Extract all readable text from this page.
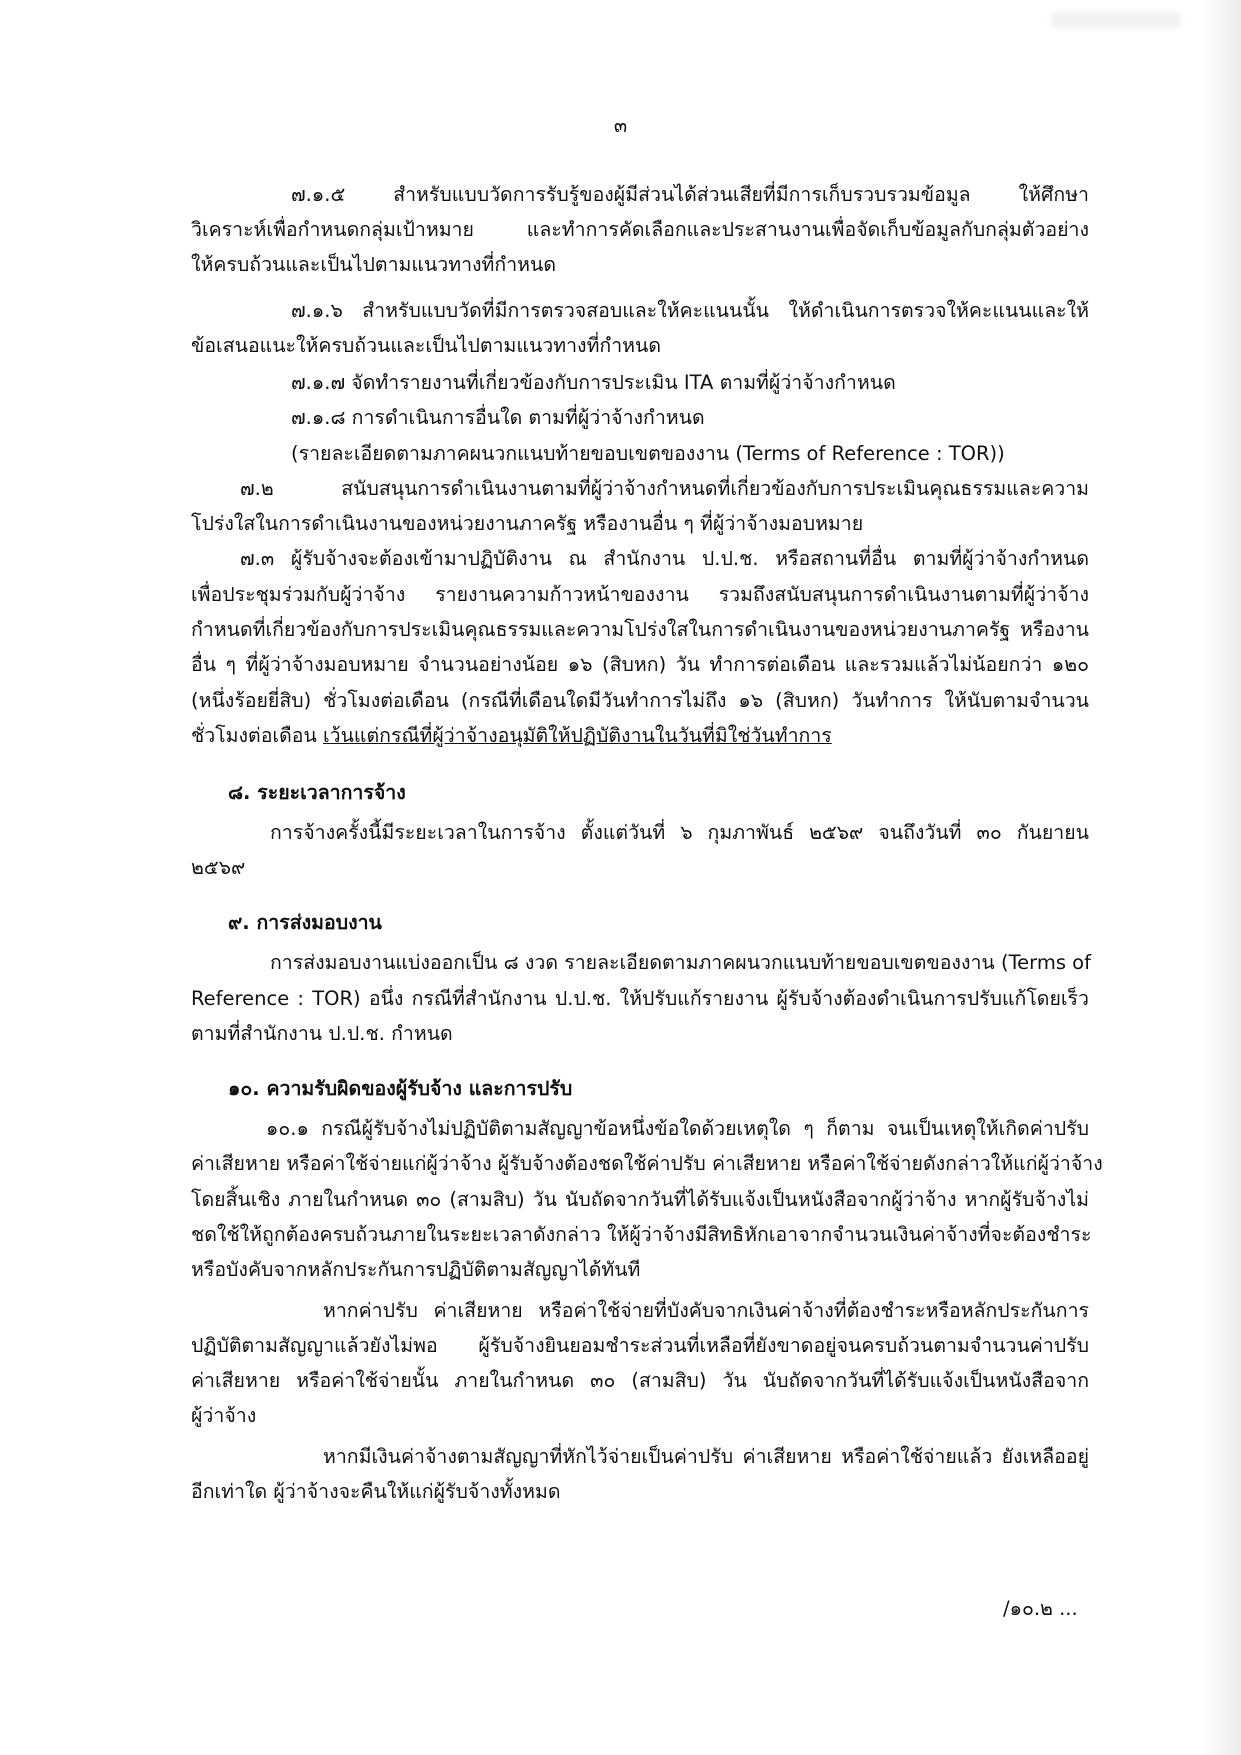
๓
๗.๑.๕ สำหรับแบบวัดการรับรู้ของผู้มีส่วนได้ส่วนเสียที่มีการเก็บรวบรวมข้อมูล ให้ศึกษา
วิเคราะห์เพื่อกำหนดกลุ่มเป้าหมาย และทำการคัดเลือกและประสานงานเพื่อจัดเก็บข้อมูลกับกลุ่มตัวอย่าง
ให้ครบถ้วนและเป็นไปตามแนวทางที่กำหนด
๗.๑.๖ สำหรับแบบวัดที่มีการตรวจสอบและให้คะแนนนั้น ให้ดำเนินการตรวจให้คะแนนและให้
ข้อเสนอแนะให้ครบถ้วนและเป็นไปตามแนวทางที่กำหนด
๗.๑.๗ จัดทำรายงานที่เกี่ยวข้องกับการประเมิน ITA ตามที่ผู้ว่าจ้างกำหนด
๗.๑.๘ การดำเนินการอื่นใด ตามที่ผู้ว่าจ้างกำหนด
(รายละเอียดตามภาคผนวกแนบท้ายขอบเขตของงาน (Terms of Reference : TOR))
๗.๒ สนับสนุนการดำเนินงานตามที่ผู้ว่าจ้างกำหนดที่เกี่ยวข้องกับการประเมินคุณธรรมและความ
โปร่งใสในการดำเนินงานของหน่วยงานภาครัฐ หรืองานอื่น ๆ ที่ผู้ว่าจ้างมอบหมาย
๗.๓ ผู้รับจ้างจะต้องเข้ามาปฏิบัติงาน ณ สำนักงาน ป.ป.ช. หรือสถานที่อื่น ตามที่ผู้ว่าจ้างกำหนด
เพื่อประชุมร่วมกับผู้ว่าจ้าง รายงานความก้าวหน้าของงาน รวมถึงสนับสนุนการดำเนินงานตามที่ผู้ว่าจ้าง
กำหนดที่เกี่ยวข้องกับการประเมินคุณธรรมและความโปร่งใสในการดำเนินงานของหน่วยงานภาครัฐ หรืองาน
อื่น ๆ ที่ผู้ว่าจ้างมอบหมาย จำนวนอย่างน้อย ๑๖ (สิบหก) วัน ทำการต่อเดือน และรวมแล้วไม่น้อยกว่า ๑๒๐
(หนึ่งร้อยยี่สิบ) ชั่วโมงต่อเดือน (กรณีที่เดือนใดมีวันทำการไม่ถึง ๑๖ (สิบหก) วันทำการ ให้นับตามจำนวน
ชั่วโมงต่อเดือน เว้นแต่กรณีที่ผู้ว่าจ้างอนุมัติให้ปฏิบัติงานในวันที่มิใช่วันทำการ
๘. ระยะเวลาการจ้าง
การจ้างครั้งนี้มีระยะเวลาในการจ้าง ตั้งแต่วันที่ ๖ กุมภาพันธ์ ๒๕๖๙ จนถึงวันที่ ๓๐ กันยายน
๒๕๖๙
๙. การส่งมอบงาน
การส่งมอบงานแบ่งออกเป็น ๘ งวด รายละเอียดตามภาคผนวกแนบท้ายขอบเขตของงาน (Terms of
Reference : TOR) อนึ่ง กรณีที่สำนักงาน ป.ป.ช. ให้ปรับแก้รายงาน ผู้รับจ้างต้องดำเนินการปรับแก้โดยเร็ว
ตามที่สำนักงาน ป.ป.ช. กำหนด
๑๐. ความรับผิดของผู้รับจ้าง และการปรับ
๑๐.๑ กรณีผู้รับจ้างไม่ปฏิบัติตามสัญญาข้อหนึ่งข้อใดด้วยเหตุใด ๆ ก็ตาม จนเป็นเหตุให้เกิดค่าปรับ
ค่าเสียหาย หรือค่าใช้จ่ายแก่ผู้ว่าจ้าง ผู้รับจ้างต้องชดใช้ค่าปรับ ค่าเสียหาย หรือค่าใช้จ่ายดังกล่าวให้แก่ผู้ว่าจ้าง
โดยสิ้นเชิง ภายในกำหนด ๓๐ (สามสิบ) วัน นับถัดจากวันที่ได้รับแจ้งเป็นหนังสือจากผู้ว่าจ้าง หากผู้รับจ้างไม่
ชดใช้ให้ถูกต้องครบถ้วนภายในระยะเวลาดังกล่าว ให้ผู้ว่าจ้างมีสิทธิหักเอาจากจำนวนเงินค่าจ้างที่จะต้องชำระ
หรือบังคับจากหลักประกันการปฏิบัติตามสัญญาได้ทันที
หากค่าปรับ ค่าเสียหาย หรือค่าใช้จ่ายที่บังคับจากเงินค่าจ้างที่ต้องชำระหรือหลักประกันการ
ปฏิบัติตามสัญญาแล้วยังไม่พอ ผู้รับจ้างยินยอมชำระส่วนที่เหลือที่ยังขาดอยู่จนครบถ้วนตามจำนวนค่าปรับ
ค่าเสียหาย หรือค่าใช้จ่ายนั้น ภายในกำหนด ๓๐ (สามสิบ) วัน นับถัดจากวันที่ได้รับแจ้งเป็นหนังสือจาก
ผู้ว่าจ้าง
หากมีเงินค่าจ้างตามสัญญาที่หักไว้จ่ายเป็นค่าปรับ ค่าเสียหาย หรือค่าใช้จ่ายแล้ว ยังเหลืออยู่
อีกเท่าใด ผู้ว่าจ้างจะคืนให้แก่ผู้รับจ้างทั้งหมด
/๑๐.๒ ...
